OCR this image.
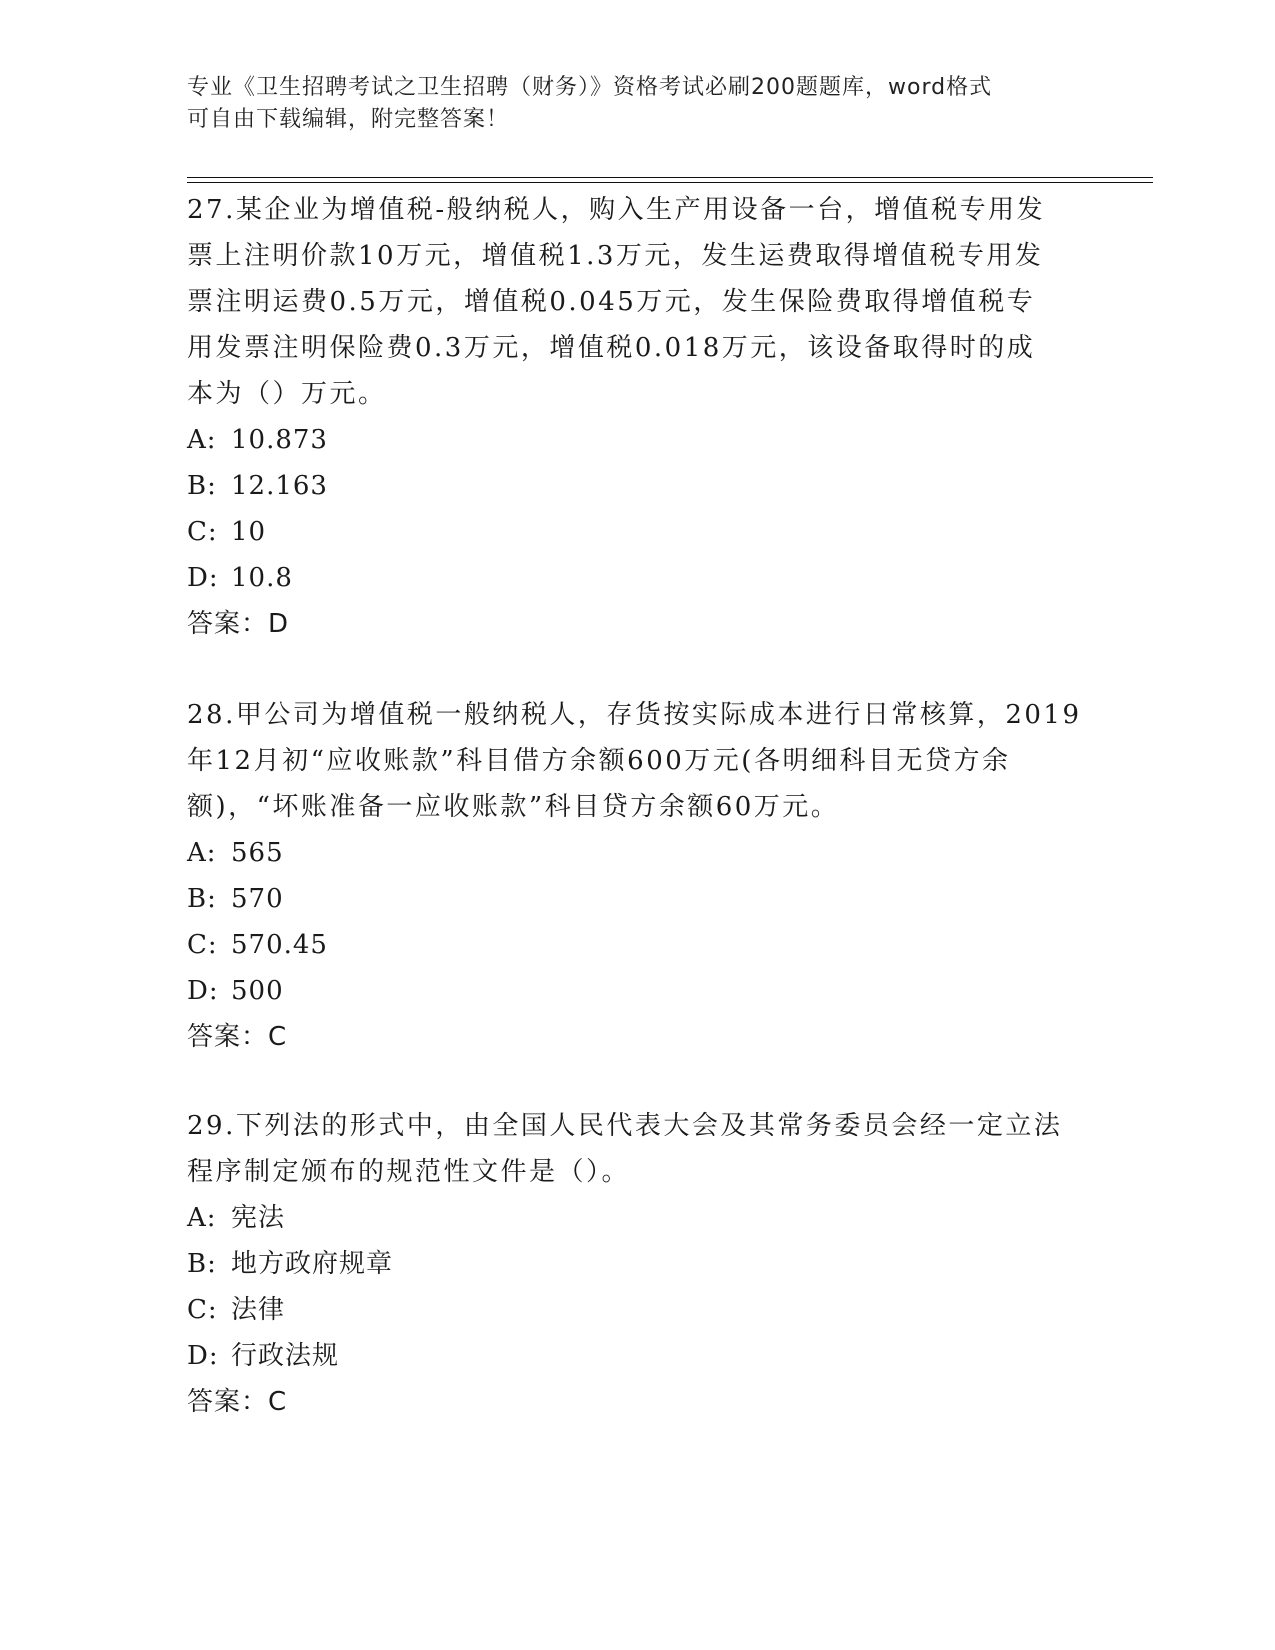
专业《卫生招聘考试之卫生招聘（财务）》资格考试必刷200题题库，word格式
可自由下载编辑，附完整答案！

27.某企业为增值税-般纳税人，购入生产用设备一台，增值税专用发

票上注明价款10万元，增值税1.3万元，发生运费取得增值税专用发

票注明运费0.5万元，增值税0.045万元，发生保险费取得增值税专

用发票注明保险费0.3万元，增值税0.018万元，该设备取得时的成

本为（）万元。

A: 10.873

B: 12.163

C: 10

D: 10.8

答案：D

28.甲公司为增值税一般纳税人，存货按实际成本进行日常核算，2019

年12月初“应收账款”科目借方余额600万元(各明细科目无贷方余

额)，“坏账准备一应收账款”科目贷方余额60万元。

A: 565

B: 570

C: 570.45

D: 500

答案：C

29.下列法的形式中，由全国人民代表大会及其常务委员会经一定立法

程序制定颁布的规范性文件是（）。

A: 宪法

B: 地方政府规章

C: 法律

D: 行政法规

答案：C
